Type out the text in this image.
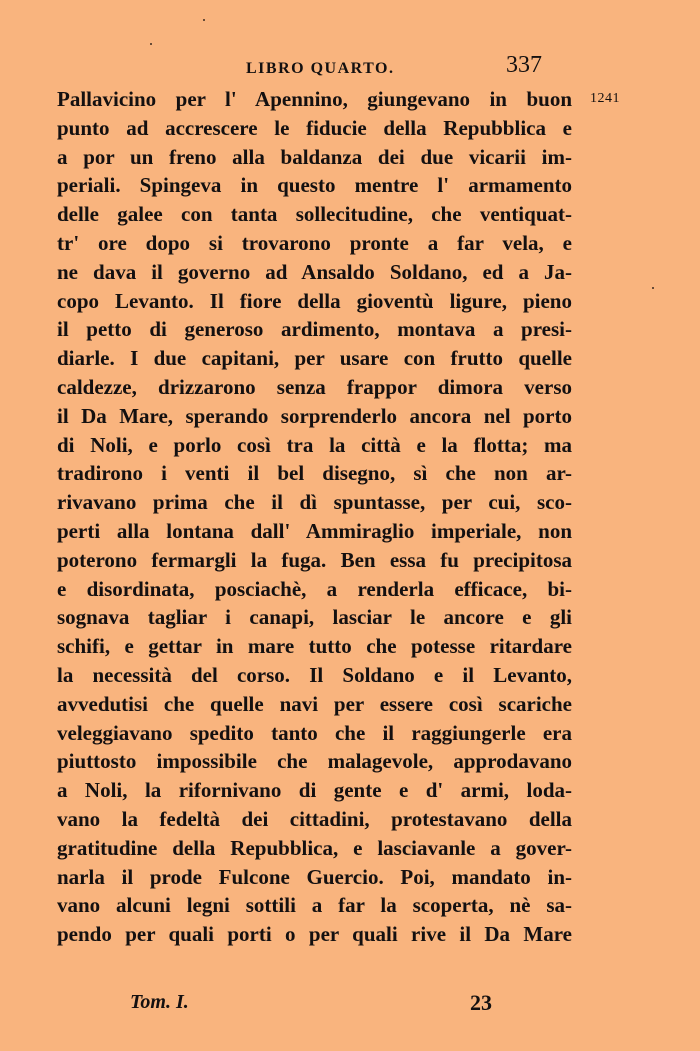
LIBRO QUARTO.	337
1241
Pallavicino per l' Apennino, giungevano in buon
punto ad accrescere le fiducie della Repubblica e
a por un freno alla baldanza dei due vicarii im-
periali. Spingeva in questo mentre l' armamento
delle galee con tanta sollecitudine, che ventiquat-
tr' ore dopo si trovarono pronte a far vela, e
ne dava il governo ad Ansaldo Soldano, ed a Ja-
copo Levanto. Il fiore della gioventù ligure, pieno
il petto di generoso ardimento, montava a presi-
diarle. I due capitani, per usare con frutto quelle
caldezze, drizzarono senza frappor dimora verso
il Da Mare, sperando sorprenderlo ancora nel porto
di Noli, e porlo così tra la città e la flotta; ma
tradirono i venti il bel disegno, sì che non ar-
rivavano prima che il dì spuntasse, per cui, sco-
perti alla lontana dall' Ammiraglio imperiale, non
poterono fermargli la fuga. Ben essa fu precipitosa
e disordinata, posciachè, a renderla efficace, bi-
sognava tagliar i canapi, lasciar le ancore e gli
schifi, e gettar in mare tutto che potesse ritardare
la necessità del corso. Il Soldano e il Levanto,
avvedutisi che quelle navi per essere così scariche
veleggiavano spedito tanto che il raggiungerle era
piuttosto impossibile che malagevole, approdavano
a Noli, la rifornivano di gente e d' armi, loda-
vano la fedeltà dei cittadini, protestavano della
gratitudine della Repubblica, e lasciavanle a gover-
narla il prode Fulcone Guercio. Poi, mandato in-
vano alcuni legni sottili a far la scoperta, nè sa-
pendo per quali porti o per quali rive il Da Mare
Tom. I.	23
